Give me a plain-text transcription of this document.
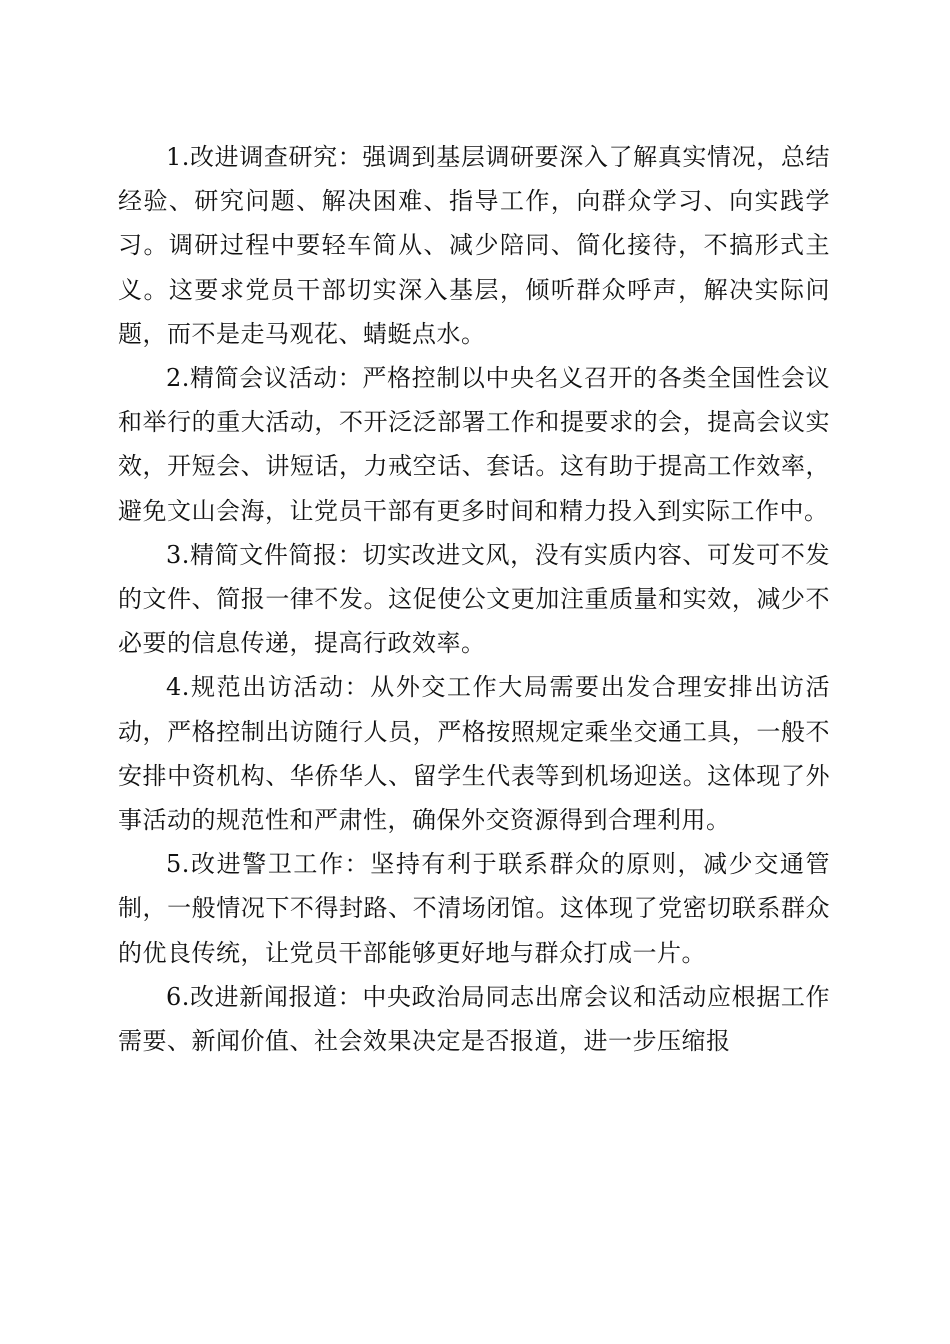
1.改进调查研究：强调到基层调研要深入了解真实情况，总结经验、研究问题、解决困难、指导工作，向群众学习、向实践学习。调研过程中要轻车简从、减少陪同、简化接待，不搞形式主义。这要求党员干部切实深入基层，倾听群众呼声，解决实际问题，而不是走马观花、蜻蜓点水。

2.精简会议活动：严格控制以中央名义召开的各类全国性会议和举行的重大活动，不开泛泛部署工作和提要求的会，提高会议实效，开短会、讲短话，力戒空话、套话。这有助于提高工作效率，避免文山会海，让党员干部有更多时间和精力投入到实际工作中。

3.精简文件简报：切实改进文风，没有实质内容、可发可不发的文件、简报一律不发。这促使公文更加注重质量和实效，减少不必要的信息传递，提高行政效率。

4.规范出访活动：从外交工作大局需要出发合理安排出访活动，严格控制出访随行人员，严格按照规定乘坐交通工具，一般不安排中资机构、华侨华人、留学生代表等到机场迎送。这体现了外事活动的规范性和严肃性，确保外交资源得到合理利用。

5.改进警卫工作：坚持有利于联系群众的原则，减少交通管制，一般情况下不得封路、不清场闭馆。这体现了党密切联系群众的优良传统，让党员干部能够更好地与群众打成一片。

6.改进新闻报道：中央政治局同志出席会议和活动应根据工作需要、新闻价值、社会效果决定是否报道，进一步压缩报
